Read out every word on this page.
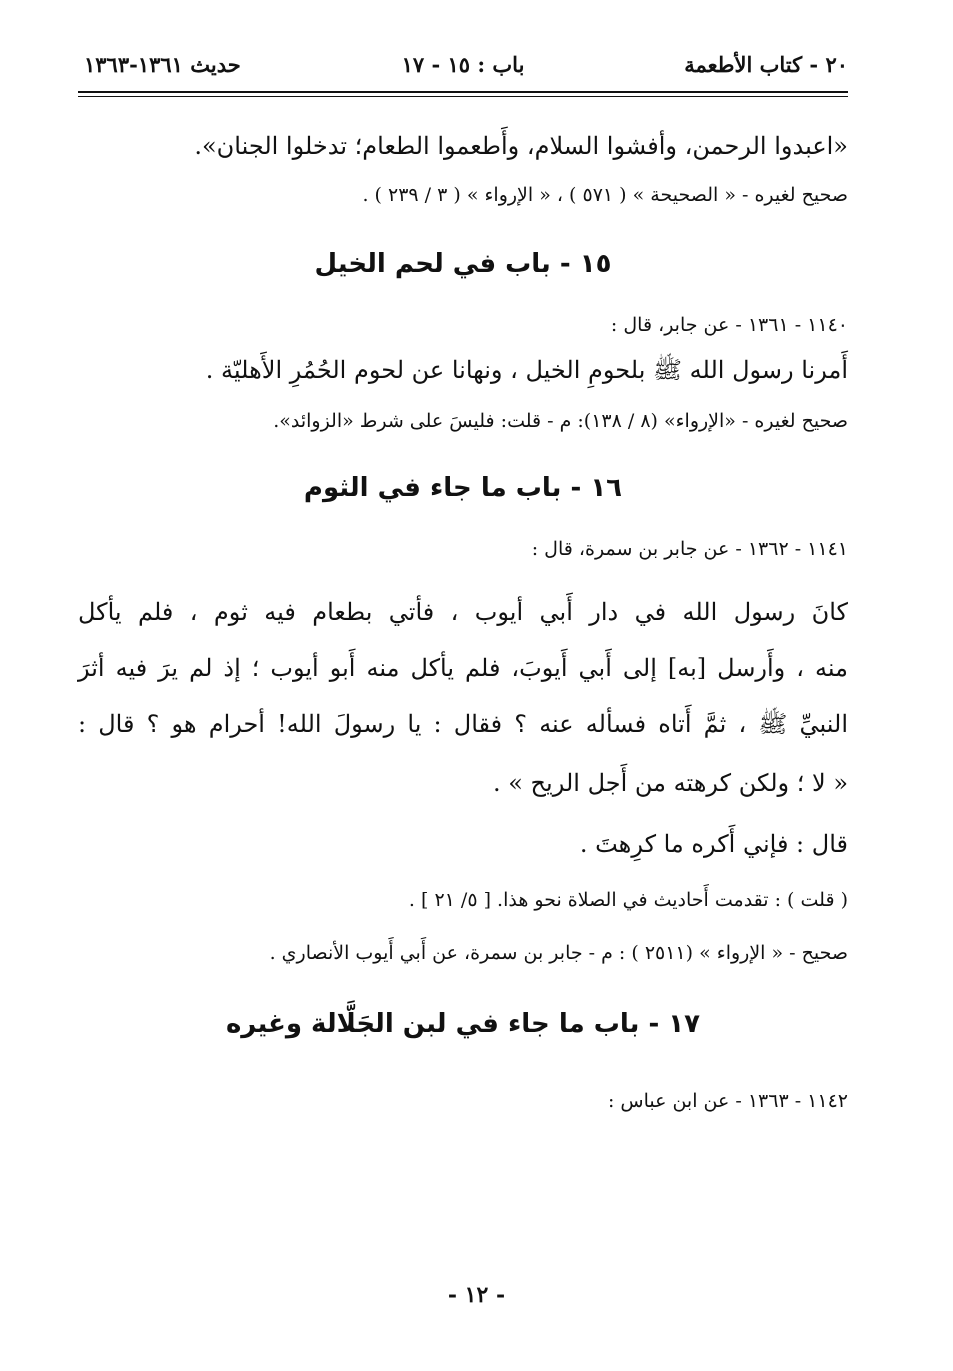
٢٠ - كتاب الأطعمة
باب : ١٥ - ١٧
حديث ١٣٦١-١٣٦٣

«اعبدوا الرحمن، وأفشوا السلام، وأَطعموا الطعام؛ تدخلوا الجنان».

صحيح لغيره - « الصحيحة » ( ٥٧١ ) ، « الإرواء » ( ٣ / ٢٣٩ ) .

١٥ - باب في لحم الخيل

١١٤٠ - ١٣٦١ - عن جابر، قال :

أَمرنا رسول الله ﷺ بلحومِ الخيل ، ونهانا عن لحوم الحُمُرِ الأَهليّة .

صحيح لغيره - «الإرواء» (٨ / ١٣٨): م - قلت: فليسَ على شرط «الزوائد».

١٦ - باب ما جاء في الثوم

١١٤١ - ١٣٦٢ - عن جابر بن سمرة، قال :

كانَ رسول الله في دار أَبي أيوب ، فأتي بطعام فيه ثوم ، فلم يأكل

منه ، وأَرسل [به] إلى أَبي أَيوبَ، فلم يأكل منه أَبو أيوب ؛ إذ لم يرَ فيه أثرَ

النبيِّ ﷺ ، ثمَّ أَتاه فسأله عنه ؟ فقال : يا رسولَ الله! أحرام هو ؟ قال :

« لا ؛ ولكن كرهته من أَجل الريح » .

قال : فإني أَكره ما كرِهتَ .

( قلت ) : تقدمت أَحاديث في الصلاة نحو هذا. [ ٥/ ٢١ ] .

صحيح - « الإرواء » (٢٥١١ ) : م - جابر بن سمرة، عن أَبي أَيوب الأنصاري .

١٧ - باب ما جاء في لبن الجَلَّالة وغيره

١١٤٢ - ١٣٦٣ - عن ابن عباس :

- ١٢ -
